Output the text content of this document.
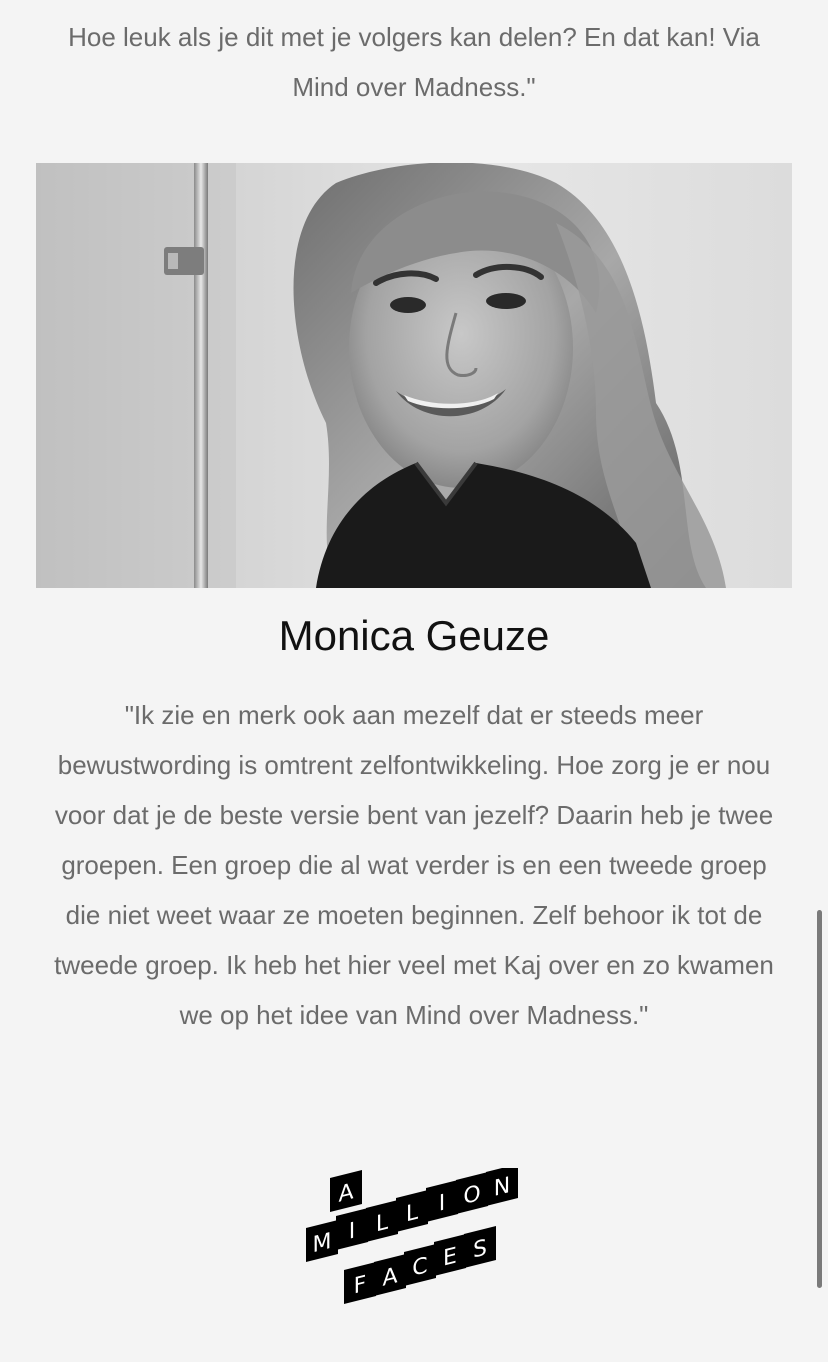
Hoe leuk als je dit met je volgers kan delen? En dat kan! Via Mind over Madness."

Monica Geuze

"Ik zie en merk ook aan mezelf dat er steeds meer bewustwording is omtrent zelfontwikkeling. Hoe zorg je er nou voor dat je de beste versie bent van jezelf? Daarin heb je twee groepen. Een groep die al wat verder is en een tweede groep die niet weet waar ze moeten beginnen. Zelf behoor ik tot de tweede groep. Ik heb het hier veel met Kaj over en zo kwamen we op het idee van Mind over Madness."

A
M I L L I O N
F A C E S
